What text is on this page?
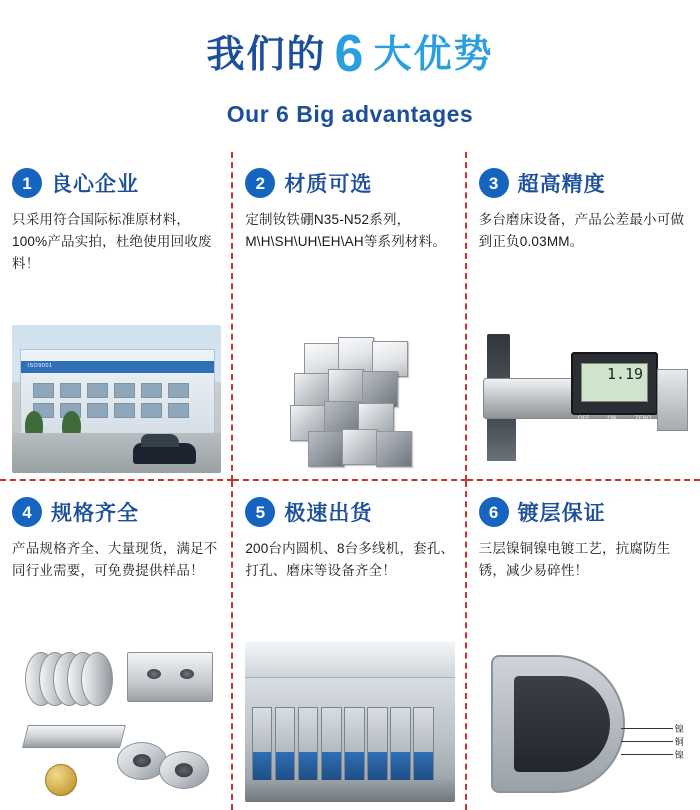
我们的 6 大优势
Our 6 Big advantages
1 良心企业
只采用符合国际标准原材料，100%产品实拍，杜绝使用回收废料！
ISO9001
2 材质可选
定制钕铁硼N35-N52系列，M\H\SH\UH\EH\AH等系列材料。
3 超高精度
多台磨床设备，产品公差最小可做到正负0.03MM。
1.19
OFF	ON	ZERO
4 规格齐全
产品规格齐全、大量现货，满足不同行业需要，可免费提供样品！
5 极速出货
200台内圆机、8台多线机，套孔、打孔、磨床等设备齐全！
6 镀层保证
三层镍铜镍电镀工艺，抗腐防生锈，减少易碎性！
镍
铜
镍
